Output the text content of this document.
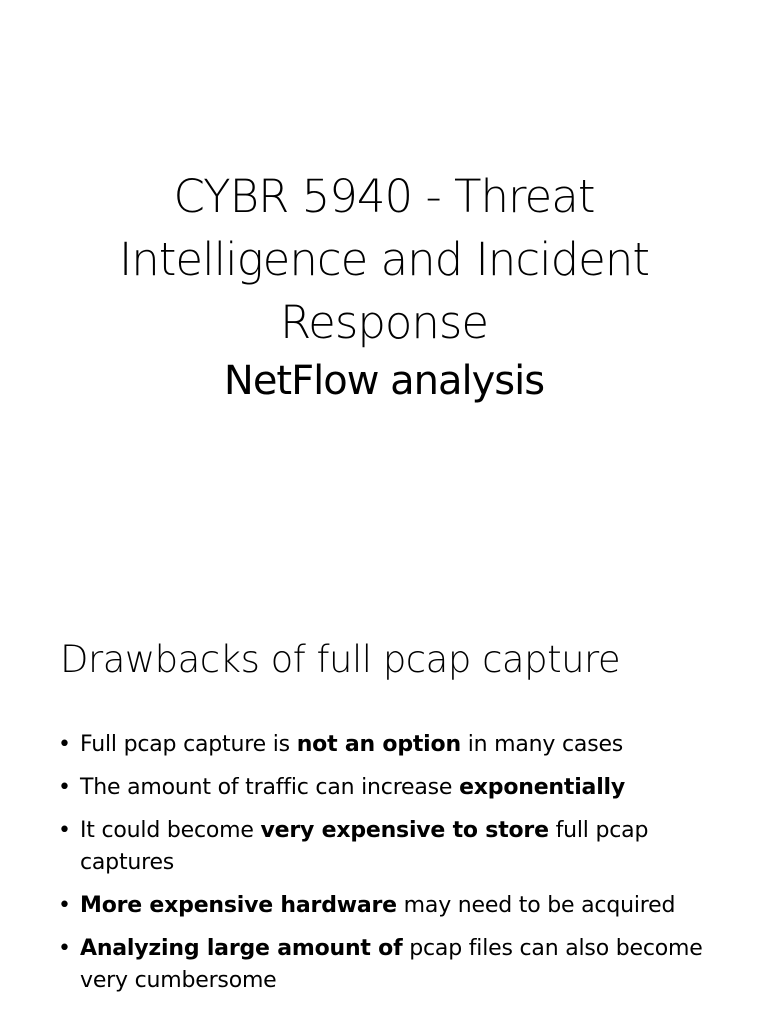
CYBR 5940 - Threat
Intelligence and Incident
Response
NetFlow analysis
Drawbacks of full pcap capture
• Full pcap capture is not an option in many cases
• The amount of traffic can increase exponentially
• It could become very expensive to store full pcap captures
• More expensive hardware may need to be acquired
• Analyzing large amount of pcap files can also become very cumbersome
